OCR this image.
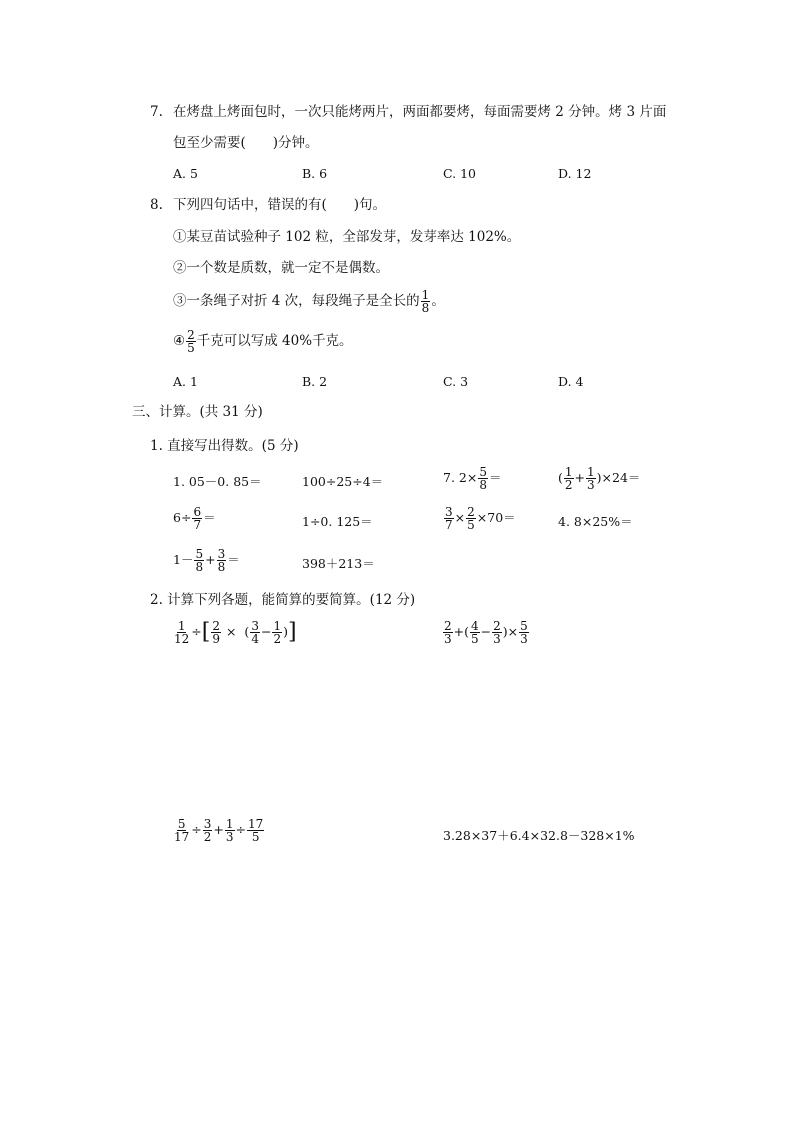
7. 在烤盘上烤面包时，一次只能烤两片，两面都要烤，每面需要烤 2 分钟。烤 3 片面
包至少需要(　　)分钟。
A. 5	B. 6	C. 10	D. 12
8. 下列四句话中，错误的有(　　)句。
①某豆苗试验种子 102 粒，全部发芽，发芽率达 102%。
②一个数是质数，就一定不是偶数。
③一条绳子对折 4 次，每段绳子是全长的 $\frac{1}{8}$ 。
④ $\frac{2}{5}$ 千克可以写成 40%千克。
A. 1	B. 2	C. 3	D. 4
三、计算。(共 31 分)
1. 直接写出得数。(5 分)
1. 05－0. 85＝	100÷25÷4＝	7. $2\times \frac{5}{8}$ ＝	( $\frac{1}{2} + \frac{1}{3} )\times 24=$
$6\div \frac{6}{7}$ ＝	1÷0. 125＝	$\frac{3}{7} \times \frac{2}{5} \times 70=$	4. 8×25%＝
$1- \frac{5}{8} + \frac{3}{8}$ ＝	398＋213＝
2. 计算下列各题，能简算的要简算。(12 分)
$\frac{1}{12}$ ÷[ $\frac{2}{9}$ × ( $\frac{3}{4} - \frac{1}{2}$ )]	$\frac{2}{3}$ +( $\frac{4}{5} - \frac{2}{3}$ )× $\frac{5}{3}$
$\frac{5}{17} \div \frac{3}{2} + \frac{1}{3} \div \frac{17}{5}$	3.28×37＋6.4×32.8－328×1%
